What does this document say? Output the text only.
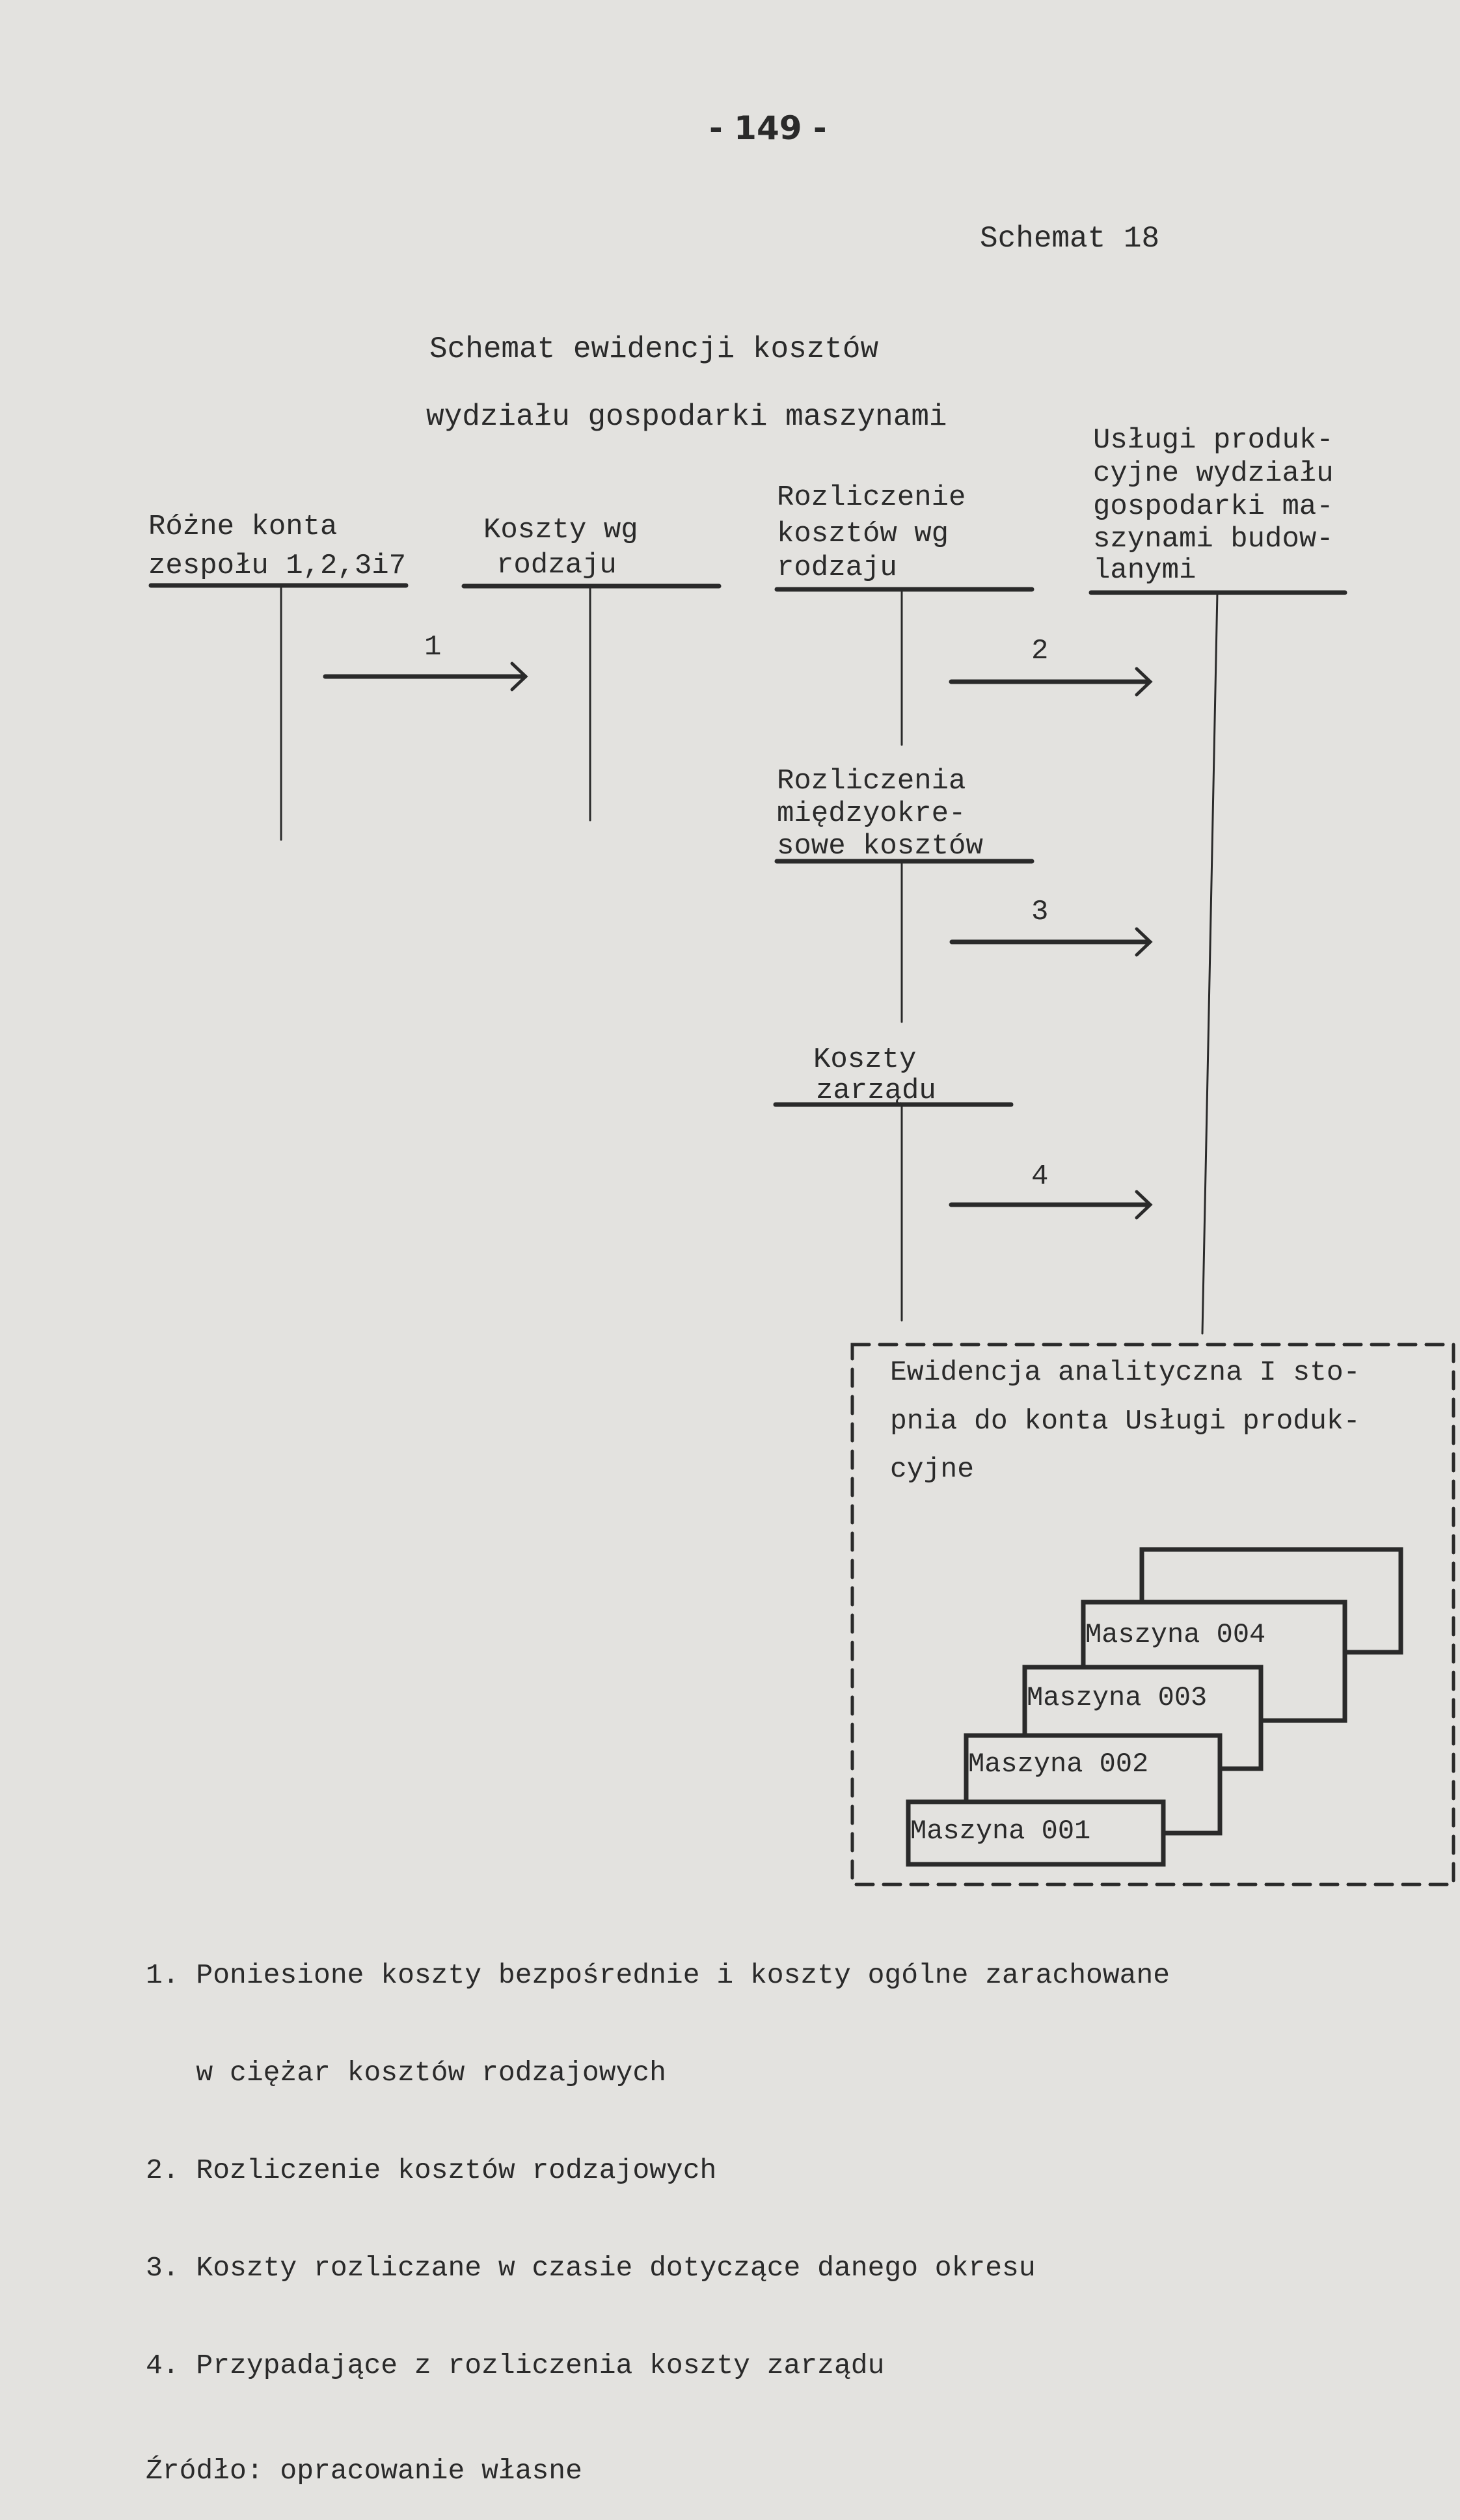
- 149 -
Schemat 18
Schemat ewidencji kosztów
wydziału gospodarki maszynami
Różne konta
zespołu 1,2,3i7
Koszty wg
rodzaju
Rozliczenie
kosztów wg
rodzaju
Usługi produk-
cyjne wydziału
gospodarki ma-
szynami budow-
lanymi
Rozliczenia
międzyokre-
sowe kosztów
Koszty
zarządu
1	2
3
4
Ewidencja analityczna I sto-
pnia do konta Usługi produk-
cyjne
Maszyna 004
Maszyna 003
Maszyna 002
Maszyna 001

1. Poniesione koszty bezpośrednie i koszty ogólne zarachowane

w ciężar kosztów rodzajowych

2. Rozliczenie kosztów rodzajowych

3. Koszty rozliczane w czasie dotyczące danego okresu

4. Przypadające z rozliczenia koszty zarządu

Źródło: opracowanie własne
